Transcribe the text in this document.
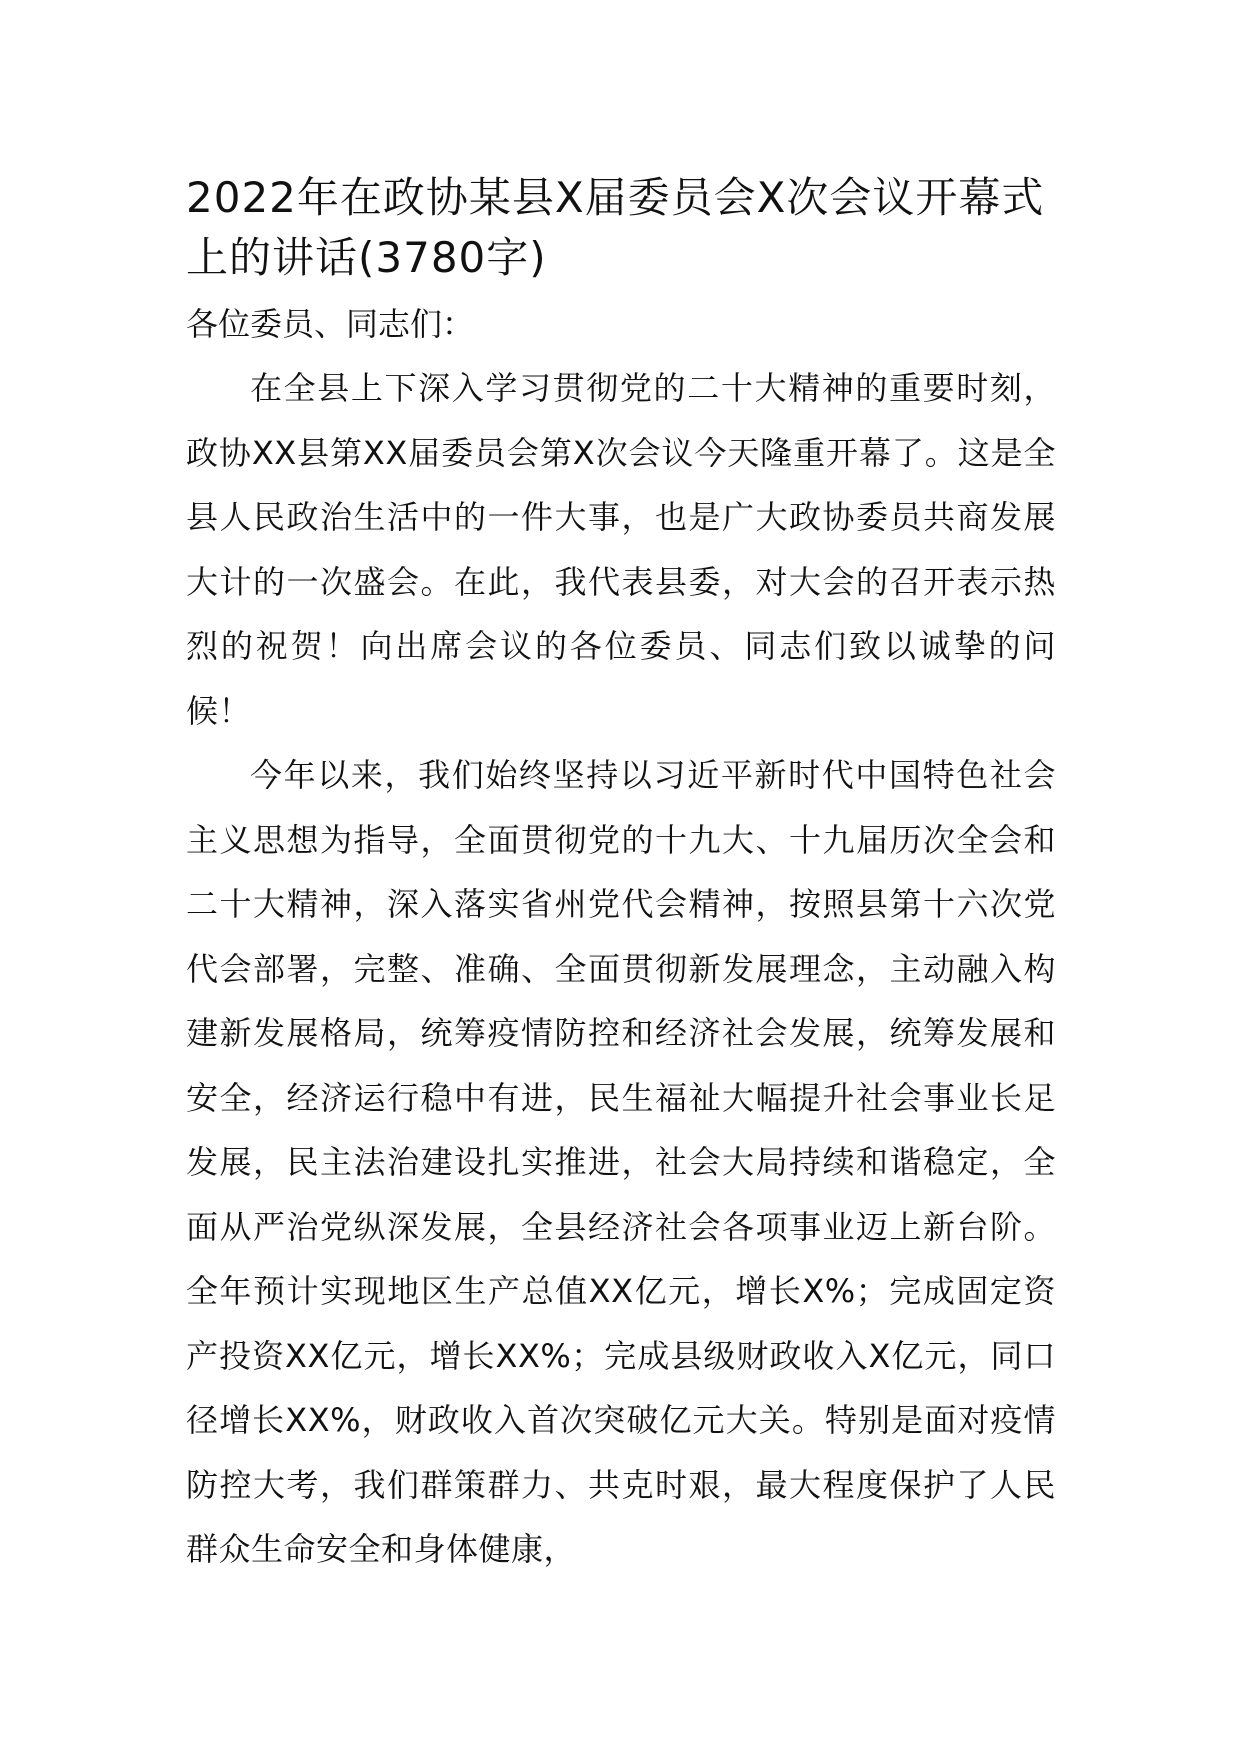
2022年在政协某县X届委员会X次会议开幕式上的讲话(3780字)

各位委员、同志们：

在全县上下深入学习贯彻党的二十大精神的重要时刻，政协XX县第XX届委员会第X次会议今天隆重开幕了。这是全县人民政治生活中的一件大事，也是广大政协委员共商发展大计的一次盛会。在此，我代表县委，对大会的召开表示热烈的祝贺！向出席会议的各位委员、同志们致以诚挚的问候！

今年以来，我们始终坚持以习近平新时代中国特色社会主义思想为指导，全面贯彻党的十九大、十九届历次全会和二十大精神，深入落实省州党代会精神，按照县第十六次党代会部署，完整、准确、全面贯彻新发展理念，主动融入构建新发展格局，统筹疫情防控和经济社会发展，统筹发展和安全，经济运行稳中有进，民生福祉大幅提升社会事业长足发展，民主法治建设扎实推进，社会大局持续和谐稳定，全面从严治党纵深发展，全县经济社会各项事业迈上新台阶。全年预计实现地区生产总值XX亿元，增长X%；完成固定资产投资XX亿元，增长XX%；完成县级财政收入X亿元，同口径增长XX%，财政收入首次突破亿元大关。特别是面对疫情防控大考，我们群策群力、共克时艰，最大程度保护了人民群众生命安全和身体健康，
